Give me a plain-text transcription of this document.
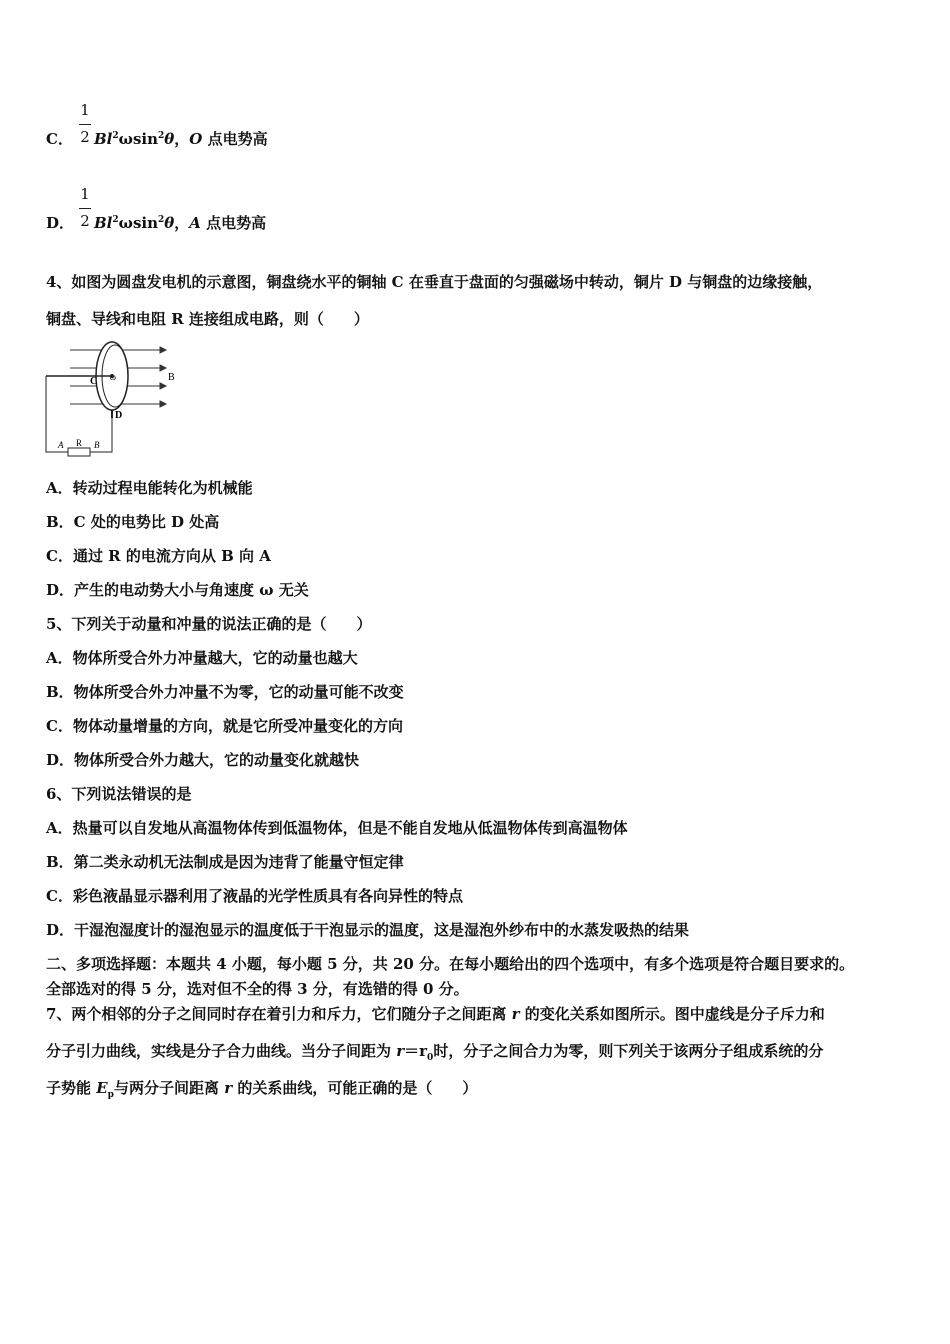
C．
1
2 Bl$^2$ωsin$^2$θ，O 点电势高
D．
1
2 Bl$^2$ωsin$^2$θ，A 点电势高
4、如图为圆盘发电机的示意图，铜盘绕水平的铜轴 C 在垂直于盘面的匀强磁场中转动，铜片 D 与铜盘的边缘接触，
铜盘、导线和电阻 R 连接组成电路，则（　　）
C ω	B
D
A R B
A．转动过程电能转化为机械能
B．C 处的电势比 D 处高
C．通过 R 的电流方向从 B 向 A
D．产生的电动势大小与角速度 ω 无关
5、下列关于动量和冲量的说法正确的是（　　）
A．物体所受合外力冲量越大，它的动量也越大
B．物体所受合外力冲量不为零，它的动量可能不改变
C．物体动量增量的方向，就是它所受冲量变化的方向
D．物体所受合外力越大，它的动量变化就越快
6、下列说法错误的是
A．热量可以自发地从高温物体传到低温物体，但是不能自发地从低温物体传到高温物体
B．第二类永动机无法制成是因为违背了能量守恒定律
C．彩色液晶显示器利用了液晶的光学性质具有各向异性的特点
D．干湿泡湿度计的湿泡显示的温度低于干泡显示的温度，这是湿泡外纱布中的水蒸发吸热的结果
二、多项选择题：本题共 4 小题，每小题 5 分，共 20 分。在每小题给出的四个选项中，有多个选项是符合题目要求的。
全部选对的得 5 分，选对但不全的得 3 分，有选错的得 0 分。
7、两个相邻的分子之间同时存在着引力和斥力，它们随分子之间距离 r 的变化关系如图所示。图中虚线是分子斥力和
分子引力曲线，实线是分子合力曲线。当分子间距为 $r=r_0$时，分子之间合力为零，则下列关于该两分子组成系统的分
子势能 $E_p$与两分子间距离 r 的关系曲线，可能正确的是（　　）
